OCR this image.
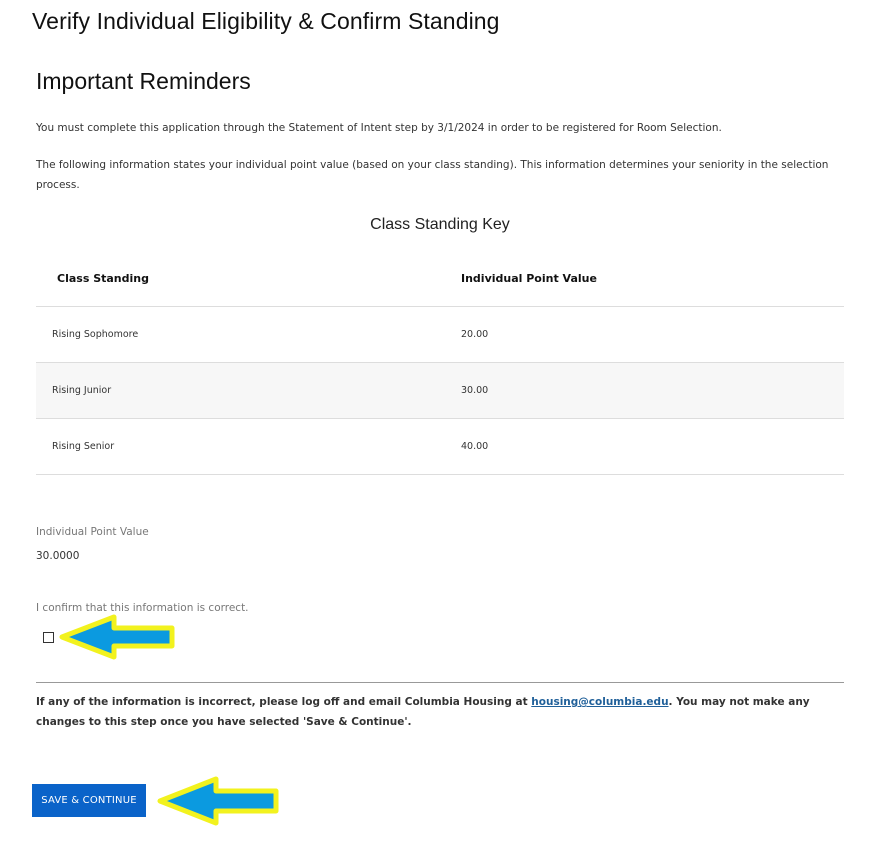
Verify Individual Eligibility & Confirm Standing
Important Reminders

You must complete this application through the Statement of Intent step by 3/1/2024 in order to be registered for Room Selection.

The following information states your individual point value (based on your class standing). This information determines your seniority in the selection process.

Class Standing Key
Class Standing	Individual Point Value
Rising Sophomore	20.00
Rising Junior	30.00
Rising Senior	40.00

Individual Point Value

30.0000

I confirm that this information is correct.

If any of the information is incorrect, please log off and email Columbia Housing at housing@columbia.edu. You may not make any changes to this step once you have selected 'Save & Continue'.

SAVE & CONTINUE
